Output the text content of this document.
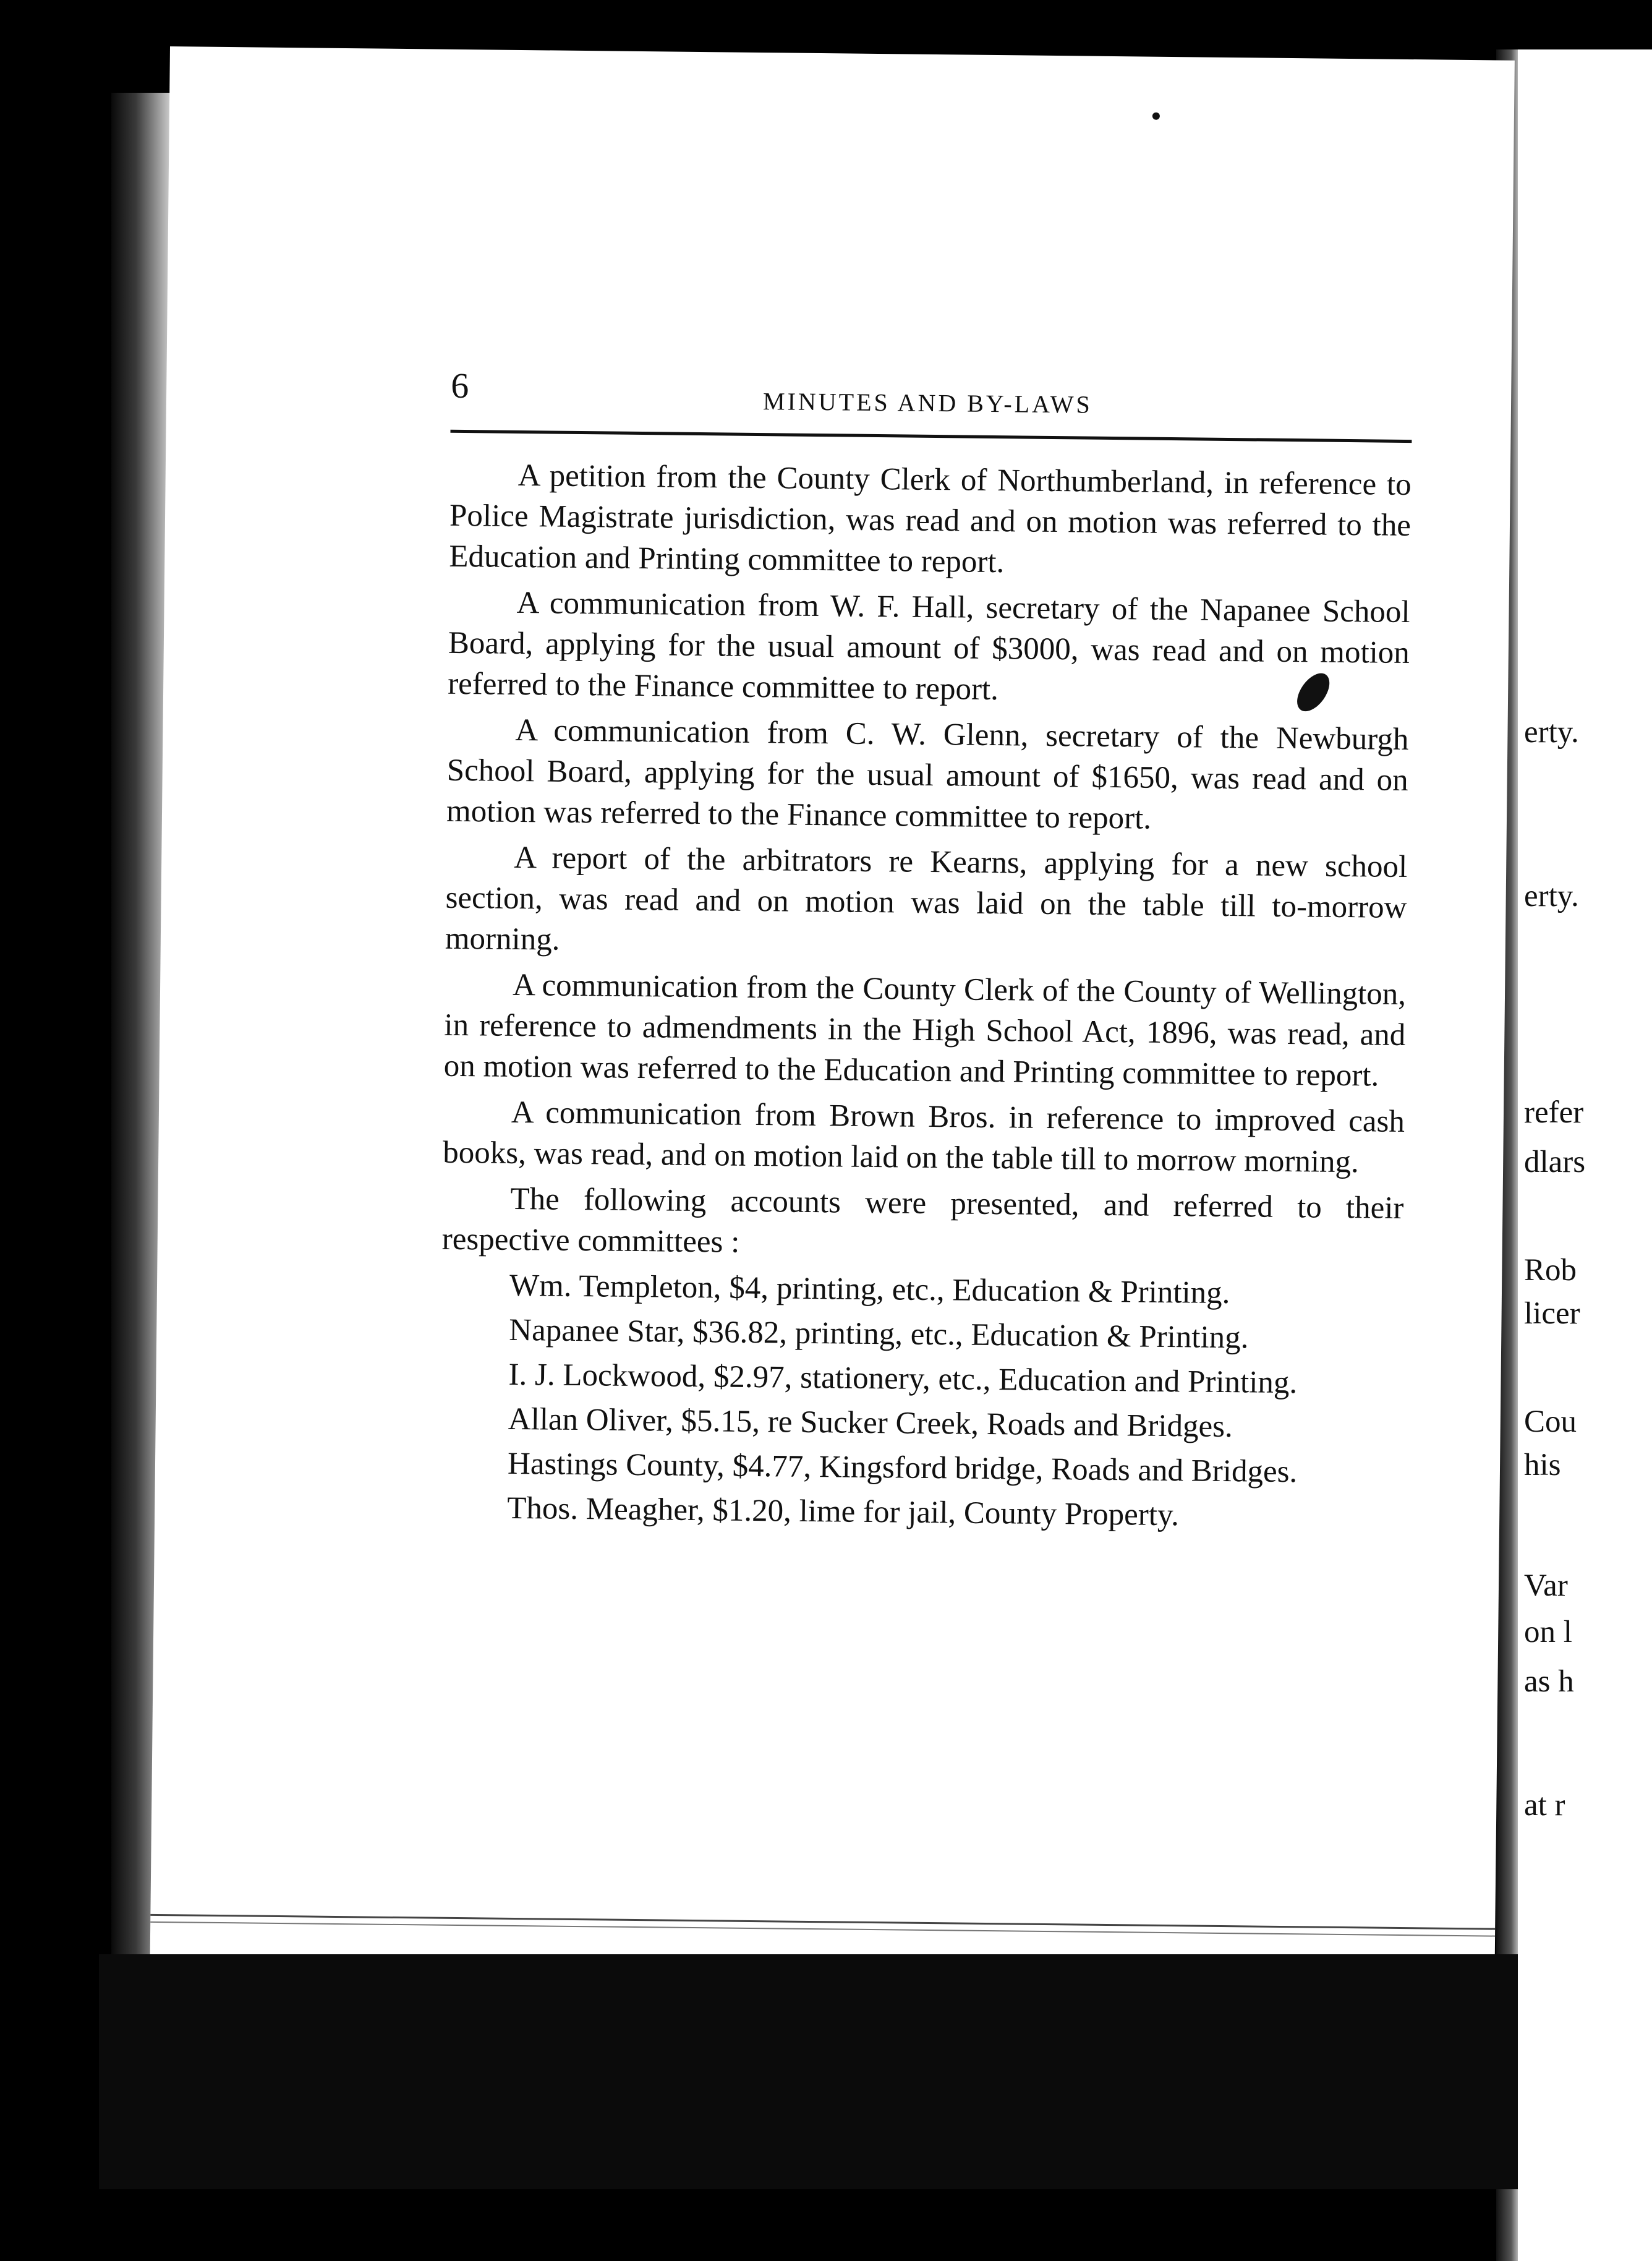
6	MINUTES AND BY-LAWS

A petition from the County Clerk of Northumberland, in reference to Police Magistrate jurisdiction, was read and on motion was referred to the Education and Printing committee to report.

A communication from W. F. Hall, secretary of the Napanee School Board, applying for the usual amount of $3000, was read and on motion referred to the Finance committee to report.

A communication from C. W. Glenn, secretary of the Newburgh School Board, applying for the usual amount of $1650, was read and on motion was referred to the Finance committee to report.

A report of the arbitrators re Kearns, applying for a new school section, was read and on motion was laid on the table till to-morrow morning.

A communication from the County Clerk of the County of Wellington, in reference to admendments in the High School Act, 1896, was read, and on motion was referred to the Education and Printing committee to report.

A communication from Brown Bros. in reference to improved cash books, was read, and on motion laid on the table till to morrow morning.

The following accounts were presented, and referred to their respective committees :

Wm. Templeton, $4, printing, etc., Education & Printing.

Napanee Star, $36.82, printing, etc., Education & Printing.

I. J. Lockwood, $2.97, stationery, etc., Education and Printing.

Allan Oliver, $5.15, re Sucker Creek, Roads and Bridges.

Hastings County, $4.77, Kingsford bridge, Roads and Bridges.

Thos. Meagher, $1.20, lime for jail, County Property.

erty.
erty.
refer
dlars
Rob
licer
Cou
his
Var
on l
as h
at r
